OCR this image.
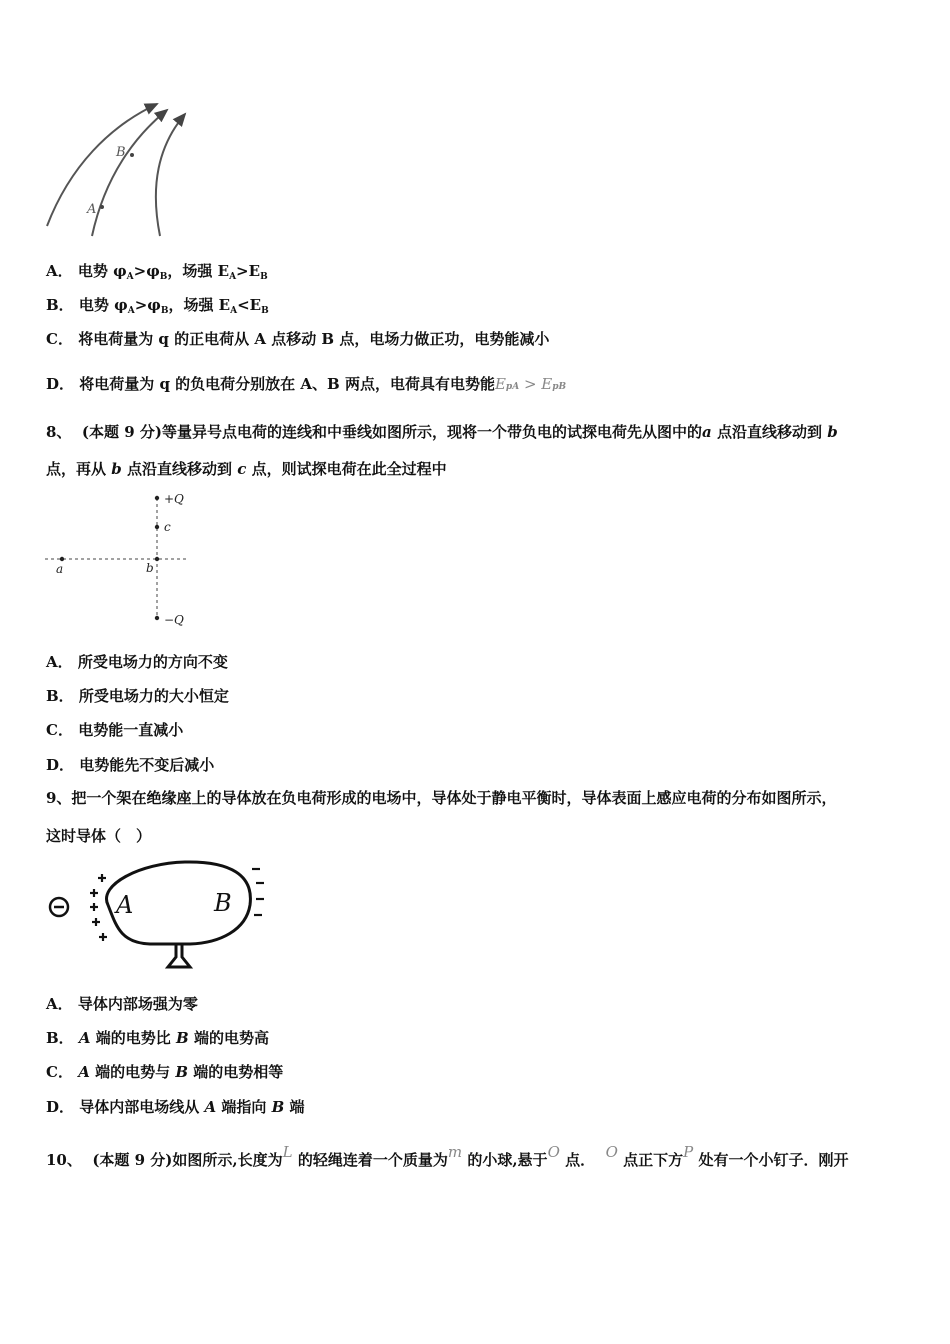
B
A
A． 电势 $\varphi_A>\varphi_B$，场强 $E_A>E_B$
B． 电势 $\varphi_A>\varphi_B$，场强 $E_A<E_B$
C． 将电荷量为 q 的正电荷从 A 点移动 B 点，电场力做正功，电势能减小
D． 将电荷量为 q 的负电荷分别放在 A、B 两点，电荷具有电势能EpA > EpB
8、 (本题 9 分)等量异号点电荷的连线和中垂线如图所示，现将一个带负电的试探电荷先从图中的a 点沿直线移动到 b
点，再从 b 点沿直线移动到 c 点，则试探电荷在此全过程中
+Q
c
b
a
−Q
A． 所受电场力的方向不变
B． 所受电场力的大小恒定
C． 电势能一直减小
D． 电势能先不变后减小
9、把一个架在绝缘座上的导体放在负电荷形成的电场中，导体处于静电平衡时，导体表面上感应电荷的分布如图所示，
这时导体（　）
A	B
A． 导体内部场强为零
B． A 端的电势比 B 端的电势高
C． A 端的电势与 B 端的电势相等
D． 导体内部电场线从 A 端指向 B 端
10、 (本题 9 分)如图所示,长度为L 的轻绳连着一个质量为m 的小球,悬于O 点． O 点正下方P 处有一个小钉子．刚开
